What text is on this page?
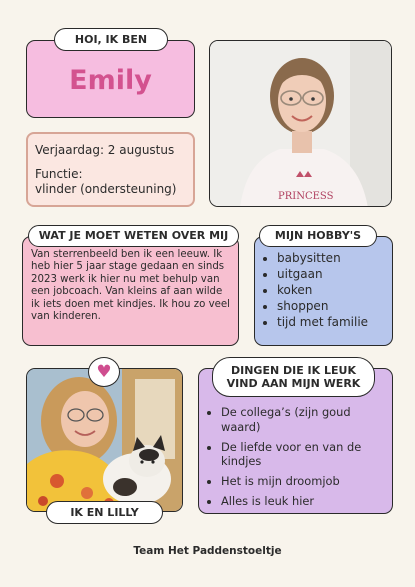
Emily
HOI, IK BEN
Verjaardag: 2 augustus
Functie:
vlinder (ondersteuning)
PRINCESS
Van sterrenbeeld ben ik een leeuw. Ik heb hier 5 jaar stage gedaan en sinds 2023 werk ik hier nu met behulp van een jobcoach. Van kleins af aan wilde ik iets doen met kindjes. Ik hou zo veel van kinderen.
WAT JE MOET WETEN OVER MIJ
• babysitten
• uitgaan
• koken
• shoppen
• tijd met familie
MIJN HOBBY'S
♥
IK EN LILLY
• De collega’s (zijn goud waard)
• De liefde voor en van de kindjes
• Het is mijn droomjob
• Alles is leuk hier
DINGEN DIE IK LEUK VIND AAN MIJN WERK
Team Het Paddenstoeltje
